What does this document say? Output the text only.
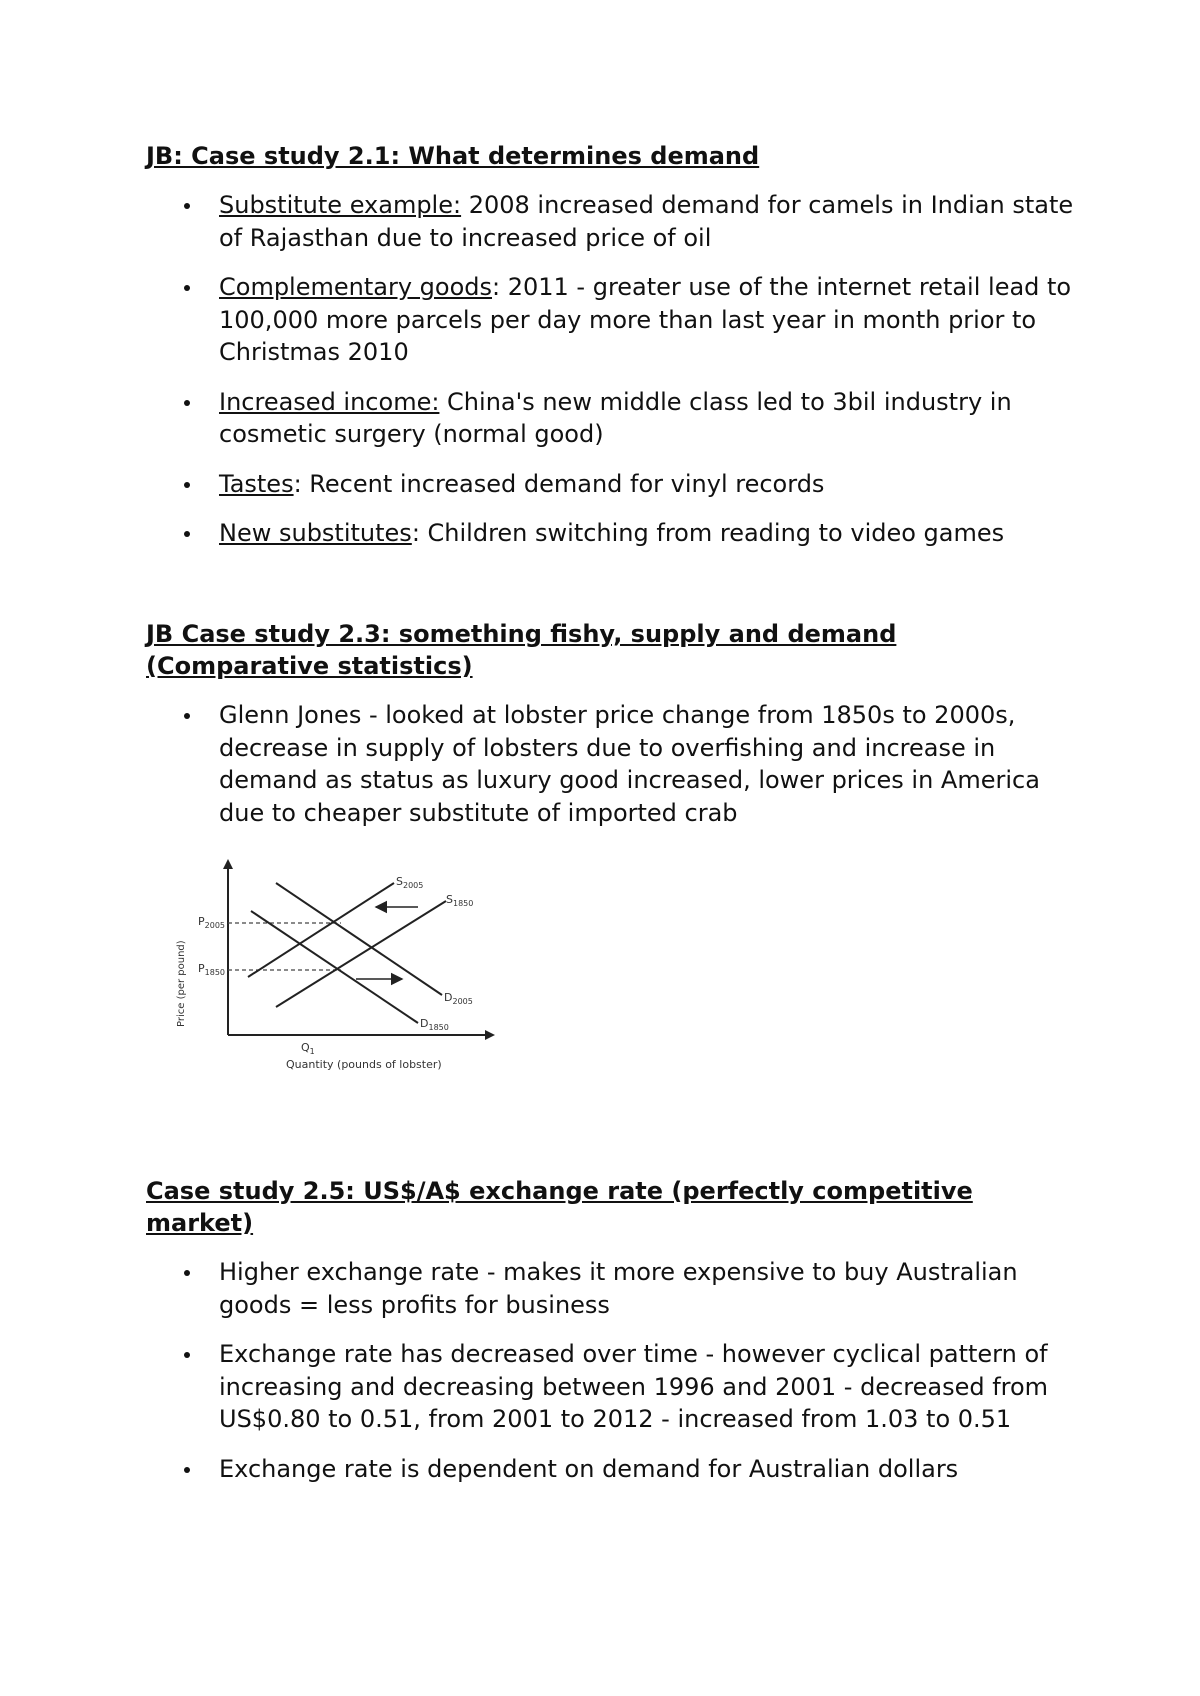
JB: Case study 2.1: What determines demand

Substitute example: 2008 increased demand for camels in Indian state of Rajasthan due to increased price of oil
Complementary goods: 2011 - greater use of the internet retail lead to 100,000 more parcels per day more than last year in month prior to Christmas 2010
Increased income: China's new middle class led to 3bil industry in cosmetic surgery (normal good)
Tastes: Recent increased demand for vinyl records
New substitutes: Children switching from reading to video games

JB Case study 2.3: something fishy, supply and demand (Comparative statistics)

Glenn Jones - looked at lobster price change from 1850s to 2000s, decrease in supply of lobsters due to overfishing and increase in demand as status as luxury good increased, lower prices in America due to cheaper substitute of imported crab
Price (per pound)
Quantity (pounds of lobster)
$P_{2005}$
$P_{1850}$
$Q_1$
$S_{2005}$
$S_{1850}$
$D_{2005}$
$D_{1850}$

Case study 2.5: US$/A$ exchange rate (perfectly competitive market)

Higher exchange rate - makes it more expensive to buy Australian goods = less profits for business
Exchange rate has decreased over time - however cyclical pattern of increasing and decreasing between 1996 and 2001 - decreased from US$0.80 to 0.51, from 2001 to 2012 - increased from 1.03 to 0.51
Exchange rate is dependent on demand for Australian dollars
